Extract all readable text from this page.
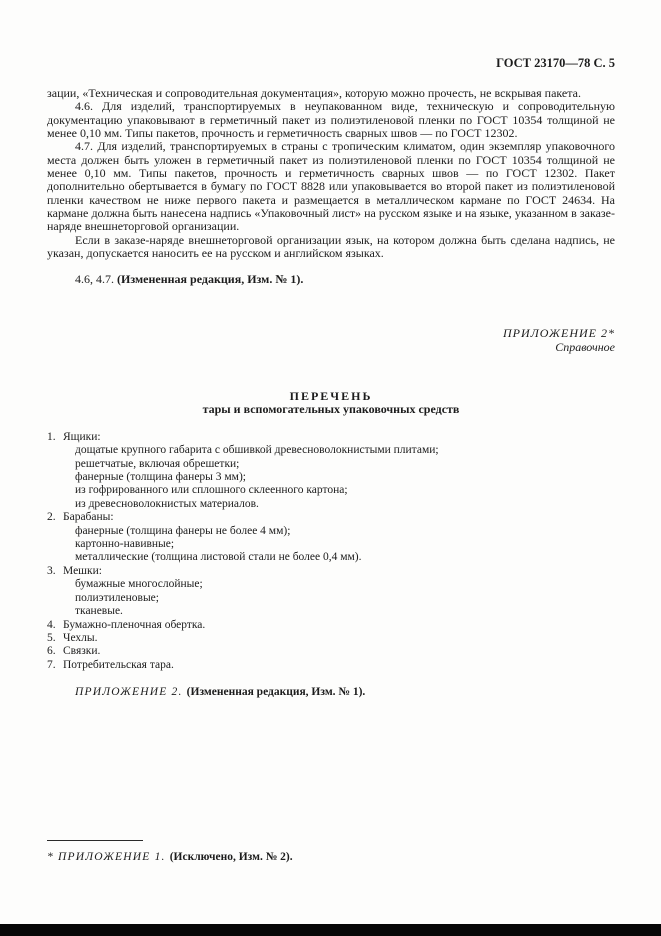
ГОСТ 23170—78 С. 5

зации, «Техническая и сопроводительная документация», которую можно прочесть, не вскрывая пакета.

4.6. Для изделий, транспортируемых в неупакованном виде, техническую и сопроводительную документацию упаковывают в герметичный пакет из полиэтиленовой пленки по ГОСТ 10354 толщиной не менее 0,10 мм. Типы пакетов, прочность и герметичность сварных швов — по ГОСТ 12302.

4.7. Для изделий, транспортируемых в страны с тропическим климатом, один экземпляр упаковочного места должен быть уложен в герметичный пакет из полиэтиленовой пленки по ГОСТ 10354 толщиной не менее 0,10 мм. Типы пакетов, прочность и герметичность сварных швов — по ГОСТ 12302. Пакет дополнительно обертывается в бумагу по ГОСТ 8828 или упаковывается во второй пакет из полиэтиленовой пленки качеством не ниже первого пакета и размещается в металлическом кармане по ГОСТ 24634. На кармане должна быть нанесена надпись «Упаковочный лист» на русском языке и на языке, указанном в заказе-наряде внешнеторговой организации.

Если в заказе-наряде внешнеторговой организации язык, на котором должна быть сделана надпись, не указан, допускается наносить ее на русском и английском языках.

4.6, 4.7. (Измененная редакция, Изм. № 1).

ПРИЛОЖЕНИЕ 2*
Справочное
ПЕРЕЧЕНЬ
тары и вспомогательных упаковочных средств
1. Ящики:
дощатые крупного габарита с обшивкой древесноволокнистыми плитами;
решетчатые, включая обрешетки;
фанерные (толщина фанеры 3 мм);
из гофрированного или сплошного склеенного картона;
из древесноволокнистых материалов.
2. Барабаны:
фанерные (толщина фанеры не более 4 мм);
картонно-навивные;
металлические (толщина листовой стали не более 0,4 мм).
3. Мешки:
бумажные многослойные;
полиэтиленовые;
тканевые.
4. Бумажно-пленочная обертка.
5. Чехлы.
6. Связки.
7. Потребительская тара.
ПРИЛОЖЕНИЕ 2. (Измененная редакция, Изм. № 1).
* ПРИЛОЖЕНИЕ 1. (Исключено, Изм. № 2).
